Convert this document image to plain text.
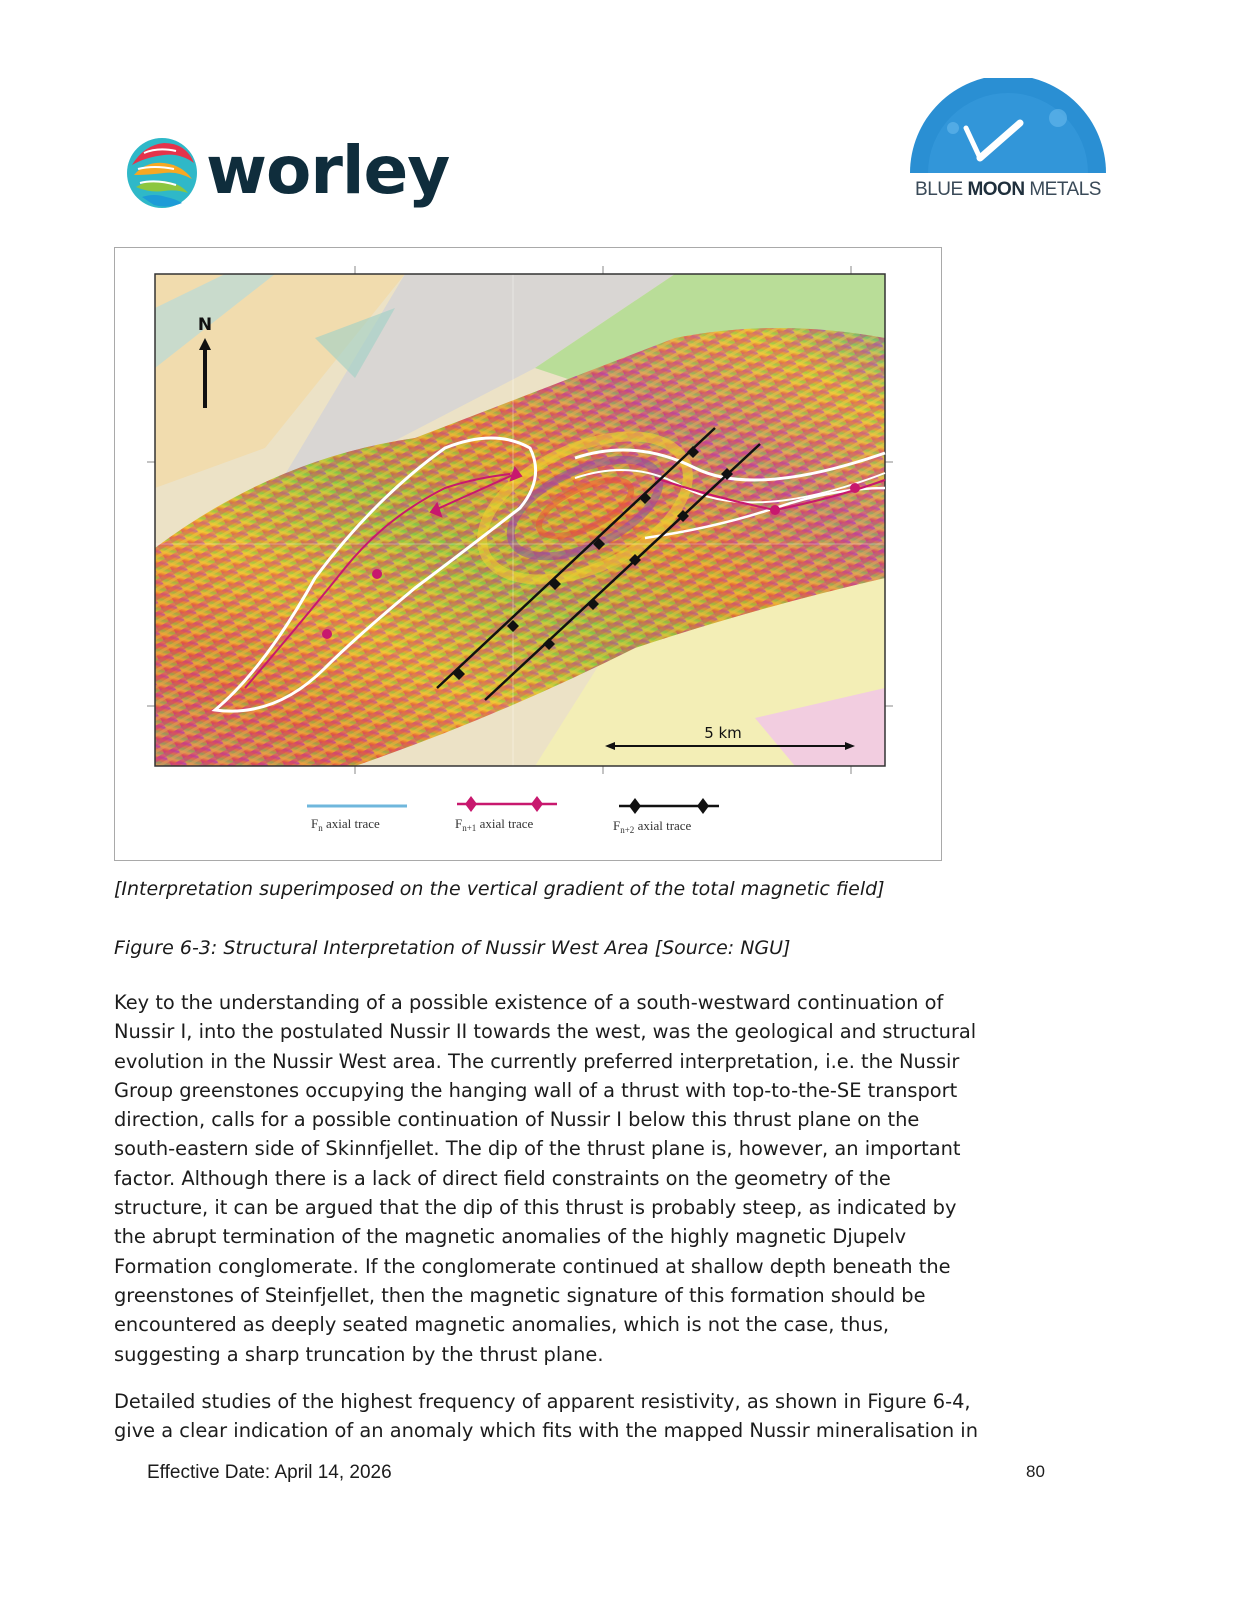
worley	BLUE MOON METALS
N
5 km
$F_n$ axial trace	$F_{n+1}$ axial trace	$F_{n+2}$ axial trace
[Interpretation superimposed on the vertical gradient of the total magnetic field]
Figure 6-3: Structural Interpretation of Nussir West Area [Source: NGU]

Key to the understanding of a possible existence of a south-westward continuation of
Nussir I, into the postulated Nussir II towards the west, was the geological and structural
evolution in the Nussir West area. The currently preferred interpretation, i.e. the Nussir
Group greenstones occupying the hanging wall of a thrust with top-to-the-SE transport
direction, calls for a possible continuation of Nussir I below this thrust plane on the
south-eastern side of Skinnfjellet. The dip of the thrust plane is, however, an important
factor. Although there is a lack of direct field constraints on the geometry of the
structure, it can be argued that the dip of this thrust is probably steep, as indicated by
the abrupt termination of the magnetic anomalies of the highly magnetic Djupelv
Formation conglomerate. If the conglomerate continued at shallow depth beneath the
greenstones of Steinfjellet, then the magnetic signature of this formation should be
encountered as deeply seated magnetic anomalies, which is not the case, thus,
suggesting a sharp truncation by the thrust plane.

Detailed studies of the highest frequency of apparent resistivity, as shown in Figure 6-4,
give a clear indication of an anomaly which fits with the mapped Nussir mineralisation in

Effective Date: April 14, 2026	80
